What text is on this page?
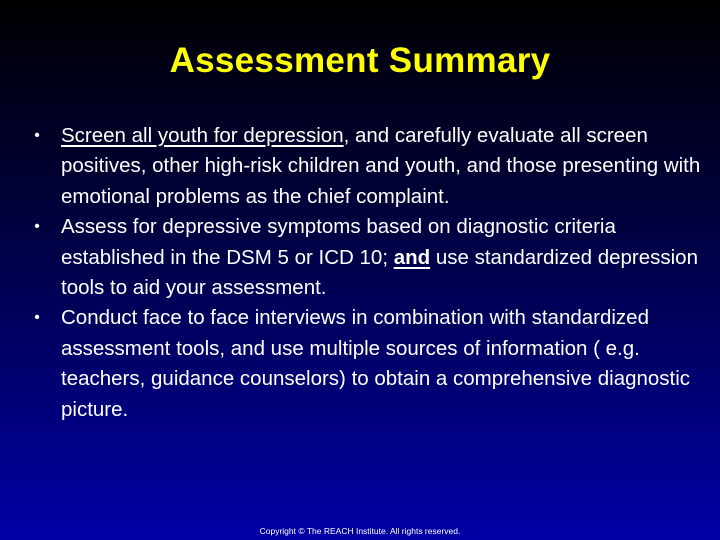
Assessment Summary
• Screen all youth for depression, and carefully evaluate all screen positives, other high-risk children and youth, and those presenting with emotional problems as the chief complaint.
• Assess for depressive symptoms based on diagnostic criteria established in the DSM 5 or ICD 10; and use standardized depression tools to aid your assessment.
• Conduct face to face interviews in combination with standardized assessment tools, and use multiple sources of information ( e.g. teachers, guidance counselors) to obtain a comprehensive diagnostic picture.
Copyright © The REACH Institute. All rights reserved.
